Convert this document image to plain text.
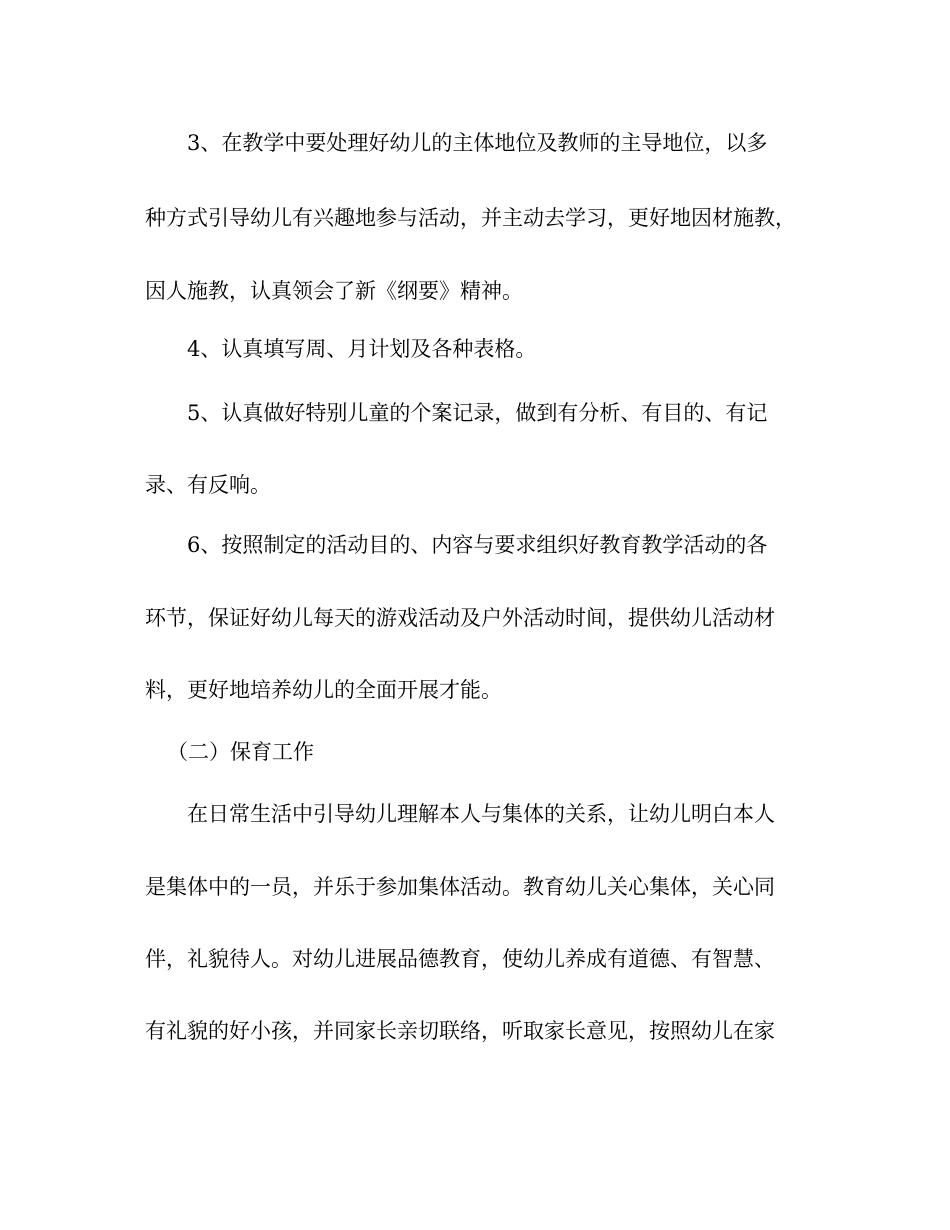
3、在教学中要处理好幼儿的主体地位及教师的主导地位，以多
种方式引导幼儿有兴趣地参与活动，并主动去学习，更好地因材施教，
因人施教，认真领会了新《纲要》精神。
4、认真填写周、月计划及各种表格。
5、认真做好特别儿童的个案记录，做到有分析、有目的、有记
录、有反响。
6、按照制定的活动目的、内容与要求组织好教育教学活动的各
环节，保证好幼儿每天的游戏活动及户外活动时间，提供幼儿活动材
料，更好地培养幼儿的全面开展才能。
（二）保育工作
在日常生活中引导幼儿理解本人与集体的关系，让幼儿明白本人
是集体中的一员，并乐于参加集体活动。教育幼儿关心集体，关心同
伴，礼貌待人。对幼儿进展品德教育，使幼儿养成有道德、有智慧、
有礼貌的好小孩，并同家长亲切联络，听取家长意见，按照幼儿在家
